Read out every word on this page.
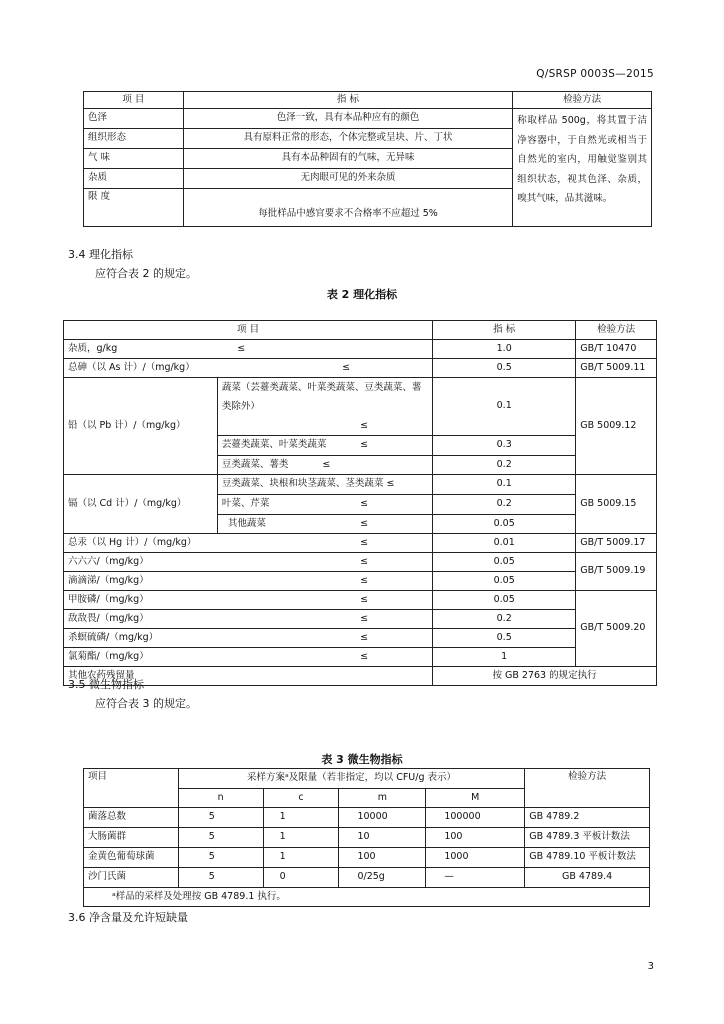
Q/SRSP 0003S—2015
项 目	指 标	检验方法
色泽	色泽一致，具有本品种应有的颜色	称取样品 500g，将其置于洁净容器中，于自然光或相当于自然光的室内，用触觉鉴别其组织状态，视其色泽、杂质，嗅其气味，品其滋味。
组织形态	具有原料正常的形态，个体完整或呈块、片、丁状	
气 味	具有本品种固有的气味，无异味	
杂质	无肉眼可见的外来杂质	
限 度	每批样品中感官要求不合格率不应超过 5%	
3.4 理化指标
应符合表 2 的规定。
表 2 理化指标
项 目		指 标	检验方法
杂质，g/kg ≤		1.0	GB/T 10470
总砷（以 As 计）/（mg/kg） ≤		0.5	GB/T 5009.11
铅（以 Pb 计）/（mg/kg）	蔬菜（芸薹类蔬菜、叶菜类蔬菜、豆类蔬菜、薯类除外）
≤	0.1	GB 5009.12
	芸薹类蔬菜、叶菜类蔬菜 ≤	0.3	
	豆类蔬菜、薯类 ≤	0.2	
镉（以 Cd 计）/（mg/kg）	豆类蔬菜、块根和块茎蔬菜、茎类蔬菜 ≤	0.1	GB 5009.15
	叶菜、芹菜 ≤	0.2	
	其他蔬菜 ≤	0.05	
总汞（以 Hg 计）/（mg/kg） ≤		0.01	GB/T 5009.17
六六六/（mg/kg） ≤		0.05	GB/T 5009.19
滴滴涕/（mg/kg） ≤		0.05	
甲胺磷/（mg/kg） ≤		0.05	GB/T 5009.20
敌敌畏/（mg/kg） ≤		0.2	
杀螟硫磷/（mg/kg） ≤		0.5	
氯菊酯/（mg/kg） ≤		1	
其他农药残留量		按 GB 2763 的规定执行	
3.5 微生物指标
应符合表 3 的规定。
表 3 微生物指标
项目	采样方案ᵃ及限量（若非指定，均以 CFU/g 表示）				检验方法
	n	c	m	M	
菌落总数	5	1	10000	100000	GB 4789.2
大肠菌群	5	1	10	100	GB 4789.3 平板计数法
金黄色葡萄球菌	5	1	100	1000	GB 4789.10 平板计数法
沙门氏菌	5	0	0/25g	—	GB 4789.4
ᵃ样品的采样及处理按 GB 4789.1 执行。					
3.6 净含量及允许短缺量
3
